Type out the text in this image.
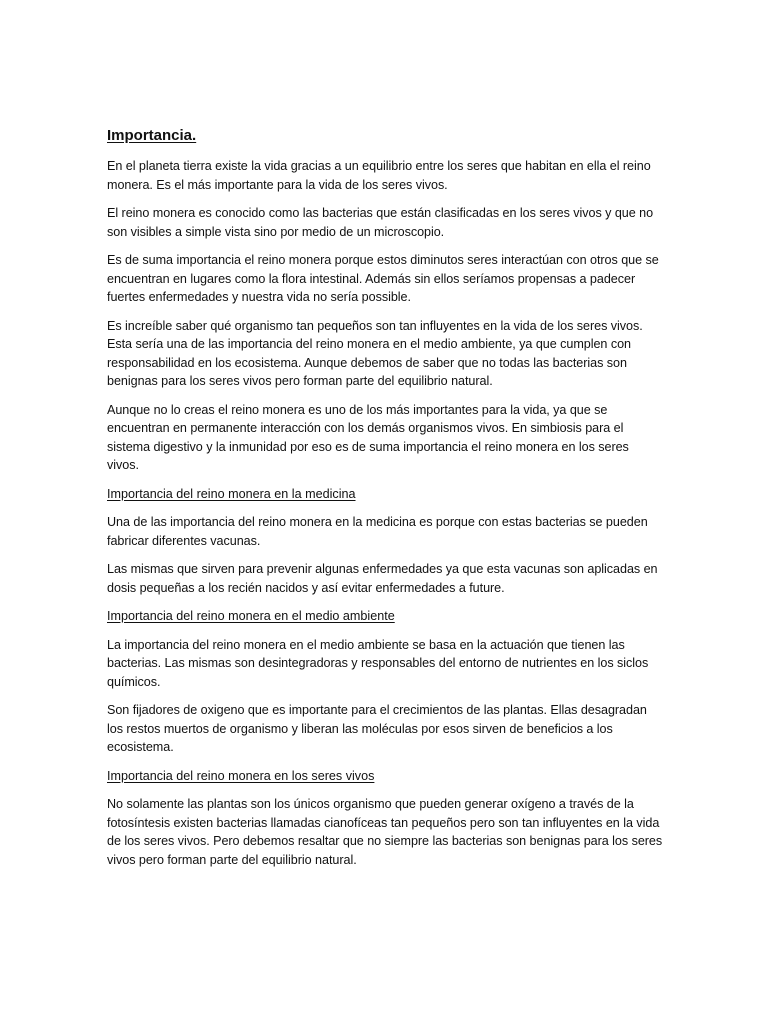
Importancia.

En el planeta tierra existe la vida gracias a un equilibrio entre los seres que habitan en ella el reino monera. Es el más importante para la vida de los seres vivos.

El reino monera es conocido como las bacterias que están clasificadas en los seres vivos y que no son visibles a simple vista sino por medio de un microscopio.

Es de suma importancia el reino monera porque estos diminutos seres interactúan con otros que se encuentran en lugares como la flora intestinal. Además sin ellos seríamos propensas a padecer fuertes enfermedades y nuestra vida no sería possible.

Es increíble saber qué organismo tan pequeños son tan influyentes en la vida de los seres vivos. Esta sería una de las importancia del reino monera en el medio ambiente, ya que cumplen con responsabilidad en los ecosistema. Aunque debemos de saber que no todas las bacterias son benignas para los seres vivos pero forman parte del equilibrio natural.

Aunque no lo creas el reino monera es uno de los más importantes para la vida, ya que se encuentran en permanente interacción con los demás organismos vivos. En simbiosis para el sistema digestivo y la inmunidad por eso es de suma importancia el reino monera en los seres vivos.

Importancia del reino monera en la medicina

Una de las importancia del reino monera en la medicina es porque con estas bacterias se pueden fabricar diferentes vacunas.

Las mismas que sirven para prevenir algunas enfermedades ya que esta vacunas son aplicadas en dosis pequeñas a los recién nacidos y así evitar enfermedades a future.

Importancia del reino monera en el medio ambiente

La importancia del reino monera en el medio ambiente se basa en la actuación que tienen las bacterias. Las mismas son desintegradoras y responsables del entorno de nutrientes en los siclos químicos.

Son fijadores de oxigeno que es importante para el crecimientos de las plantas. Ellas desagradan los restos muertos de organismo y liberan las moléculas por esos sirven de beneficios a los ecosistema.

Importancia del reino monera en los seres vivos

No solamente las plantas son los únicos organismo que pueden generar oxígeno a través de la fotosíntesis existen bacterias llamadas cianofíceas tan pequeños pero son tan influyentes en la vida de los seres vivos. Pero debemos resaltar que no siempre las bacterias son benignas para los seres vivos pero forman parte del equilibrio natural.
